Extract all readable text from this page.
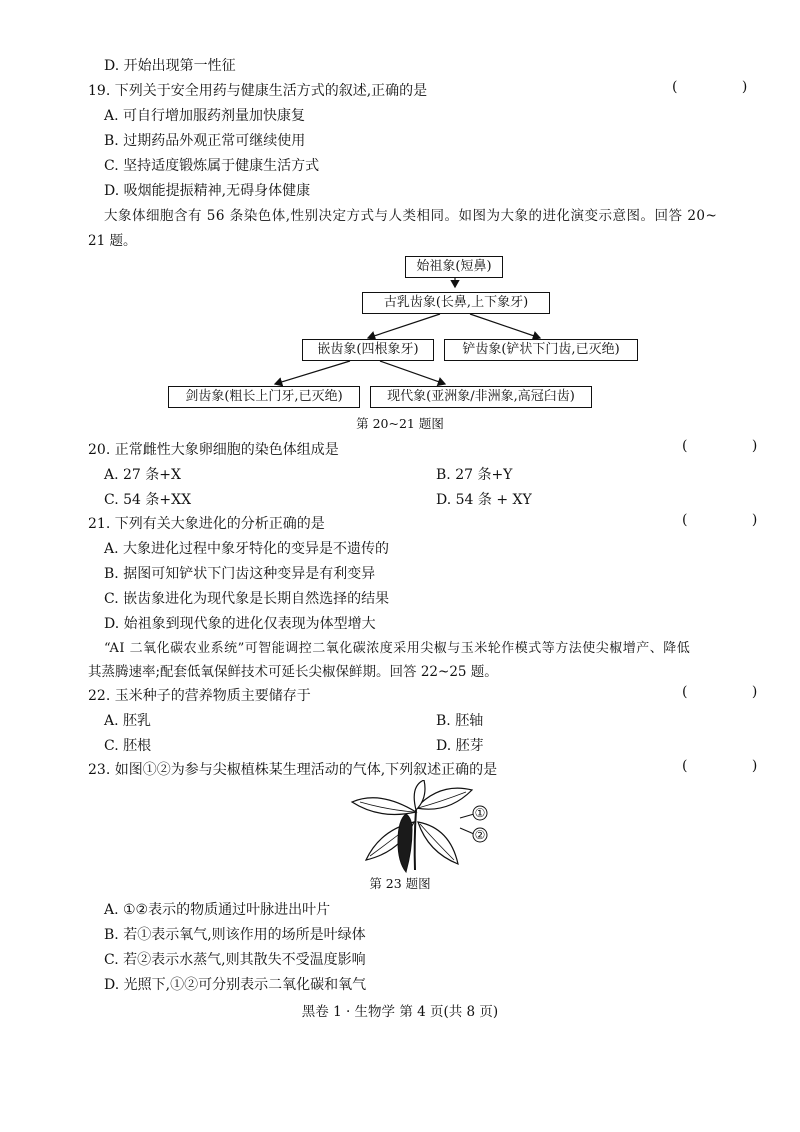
D. 开始出现第一性征
19. 下列关于安全用药与健康生活方式的叙述,正确的是	( )
A. 可自行增加服药剂量加快康复
B. 过期药品外观正常可继续使用
C. 坚持适度锻炼属于健康生活方式
D. 吸烟能提振精神,无碍身体健康
大象体细胞含有 56 条染色体,性别决定方式与人类相同。如图为大象的进化演变示意图。回答 20~
21 题。
始祖象(短鼻)
古乳齿象(长鼻,上下象牙)
嵌齿象(四根象牙)	铲齿象(铲状下门齿,已灭绝)
剑齿象(粗长上门牙,已灭绝)	现代象(亚洲象/非洲象,高冠臼齿)
第 20~21 题图
20. 正常雌性大象卵细胞的染色体组成是	( )
A. 27 条+X	B. 27 条+Y
C. 54 条+XX	D. 54 条 + XY
21. 下列有关大象进化的分析正确的是	( )
A. 大象进化过程中象牙特化的变异是不遗传的
B. 据图可知铲状下门齿这种变异是有利变异
C. 嵌齿象进化为现代象是长期自然选择的结果
D. 始祖象到现代象的进化仅表现为体型增大
“AI 二氧化碳农业系统”可智能调控二氧化碳浓度采用尖椒与玉米轮作模式等方法使尖椒增产、降低
其蒸腾速率;配套低氧保鲜技术可延长尖椒保鲜期。回答 22~25 题。
22. 玉米种子的营养物质主要储存于	( )
A. 胚乳	B. 胚轴
C. 胚根	D. 胚芽
23. 如图①②为参与尖椒植株某生理活动的气体,下列叙述正确的是	( )
①
②
第 23 题图
A. ①②表示的物质通过叶脉进出叶片
B. 若①表示氧气,则该作用的场所是叶绿体
C. 若②表示水蒸气,则其散失不受温度影响
D. 光照下,①②可分别表示二氧化碳和氧气
黑卷 1 · 生物学 第 4 页(共 8 页)
